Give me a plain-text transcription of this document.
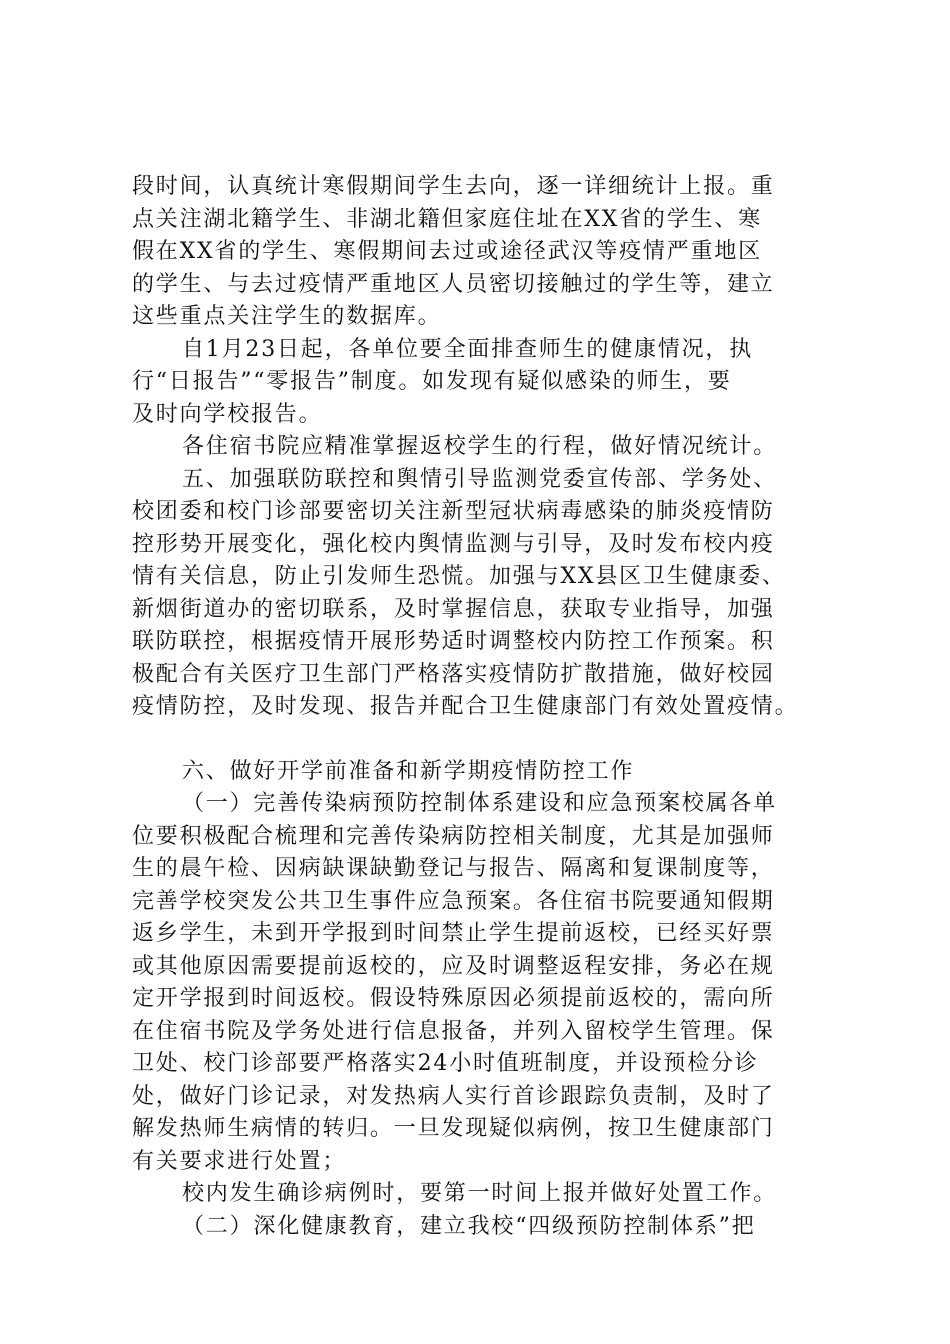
段时间，认真统计寒假期间学生去向，逐一详细统计上报。重
点关注湖北籍学生、非湖北籍但家庭住址在XX省的学生、寒
假在XX省的学生、寒假期间去过或途径武汉等疫情严重地区
的学生、与去过疫情严重地区人员密切接触过的学生等，建立
这些重点关注学生的数据库。
自1月23日起，各单位要全面排查师生的健康情况，执
行“日报告”“零报告”制度。如发现有疑似感染的师生，要
及时向学校报告。
各住宿书院应精准掌握返校学生的行程，做好情况统计。
五、加强联防联控和舆情引导监测党委宣传部、学务处、
校团委和校门诊部要密切关注新型冠状病毒感染的肺炎疫情防
控形势开展变化，强化校内舆情监测与引导，及时发布校内疫
情有关信息，防止引发师生恐慌。加强与XX县区卫生健康委、
新烟街道办的密切联系，及时掌握信息，获取专业指导，加强
联防联控，根据疫情开展形势适时调整校内防控工作预案。积
极配合有关医疗卫生部门严格落实疫情防扩散措施，做好校园
疫情防控，及时发现、报告并配合卫生健康部门有效处置疫情。
六、做好开学前准备和新学期疫情防控工作
（一）完善传染病预防控制体系建设和应急预案校属各单
位要积极配合梳理和完善传染病防控相关制度，尤其是加强师
生的晨午检、因病缺课缺勤登记与报告、隔离和复课制度等，
完善学校突发公共卫生事件应急预案。各住宿书院要通知假期
返乡学生，未到开学报到时间禁止学生提前返校，已经买好票
或其他原因需要提前返校的，应及时调整返程安排，务必在规
定开学报到时间返校。假设特殊原因必须提前返校的，需向所
在住宿书院及学务处进行信息报备，并列入留校学生管理。保
卫处、校门诊部要严格落实24小时值班制度，并设预检分诊
处，做好门诊记录，对发热病人实行首诊跟踪负责制，及时了
解发热师生病情的转归。一旦发现疑似病例，按卫生健康部门
有关要求进行处置；
校内发生确诊病例时，要第一时间上报并做好处置工作。
（二）深化健康教育，建立我校“四级预防控制体系”把
